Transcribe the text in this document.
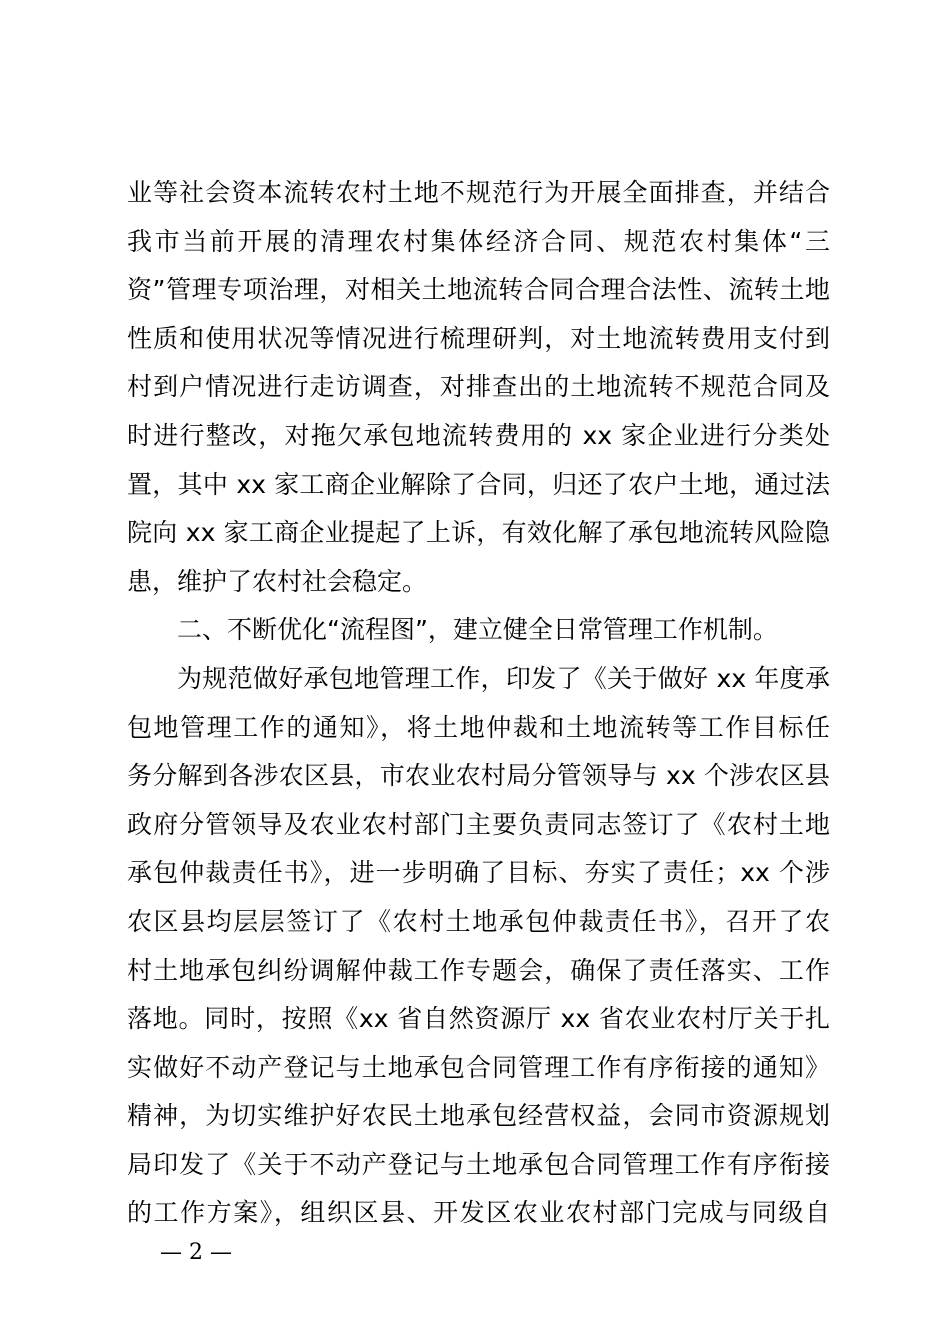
业等社会资本流转农村土地不规范行为开展全面排查，并结合
我市当前开展的清理农村集体经济合同、规范农村集体“三
资”管理专项治理，对相关土地流转合同合理合法性、流转土地
性质和使用状况等情况进行梳理研判，对土地流转费用支付到
村到户情况进行走访调查，对排查出的土地流转不规范合同及
时进行整改，对拖欠承包地流转费用的 xx 家企业进行分类处
置，其中 xx 家工商企业解除了合同，归还了农户土地，通过法
院向 xx 家工商企业提起了上诉，有效化解了承包地流转风险隐
患，维护了农村社会稳定。
二、不断优化“流程图”，建立健全日常管理工作机制。
为规范做好承包地管理工作，印发了《关于做好 xx 年度承
包地管理工作的通知》，将土地仲裁和土地流转等工作目标任
务分解到各涉农区县，市农业农村局分管领导与 xx 个涉农区县
政府分管领导及农业农村部门主要负责同志签订了《农村土地
承包仲裁责任书》，进一步明确了目标、夯实了责任；xx 个涉
农区县均层层签订了《农村土地承包仲裁责任书》，召开了农
村土地承包纠纷调解仲裁工作专题会，确保了责任落实、工作
落地。同时，按照《xx 省自然资源厅 xx 省农业农村厅关于扎
实做好不动产登记与土地承包合同管理工作有序衔接的通知》
精神，为切实维护好农民土地承包经营权益，会同市资源规划
局印发了《关于不动产登记与土地承包合同管理工作有序衔接
的工作方案》，组织区县、开发区农业农村部门完成与同级自
— 2 —
